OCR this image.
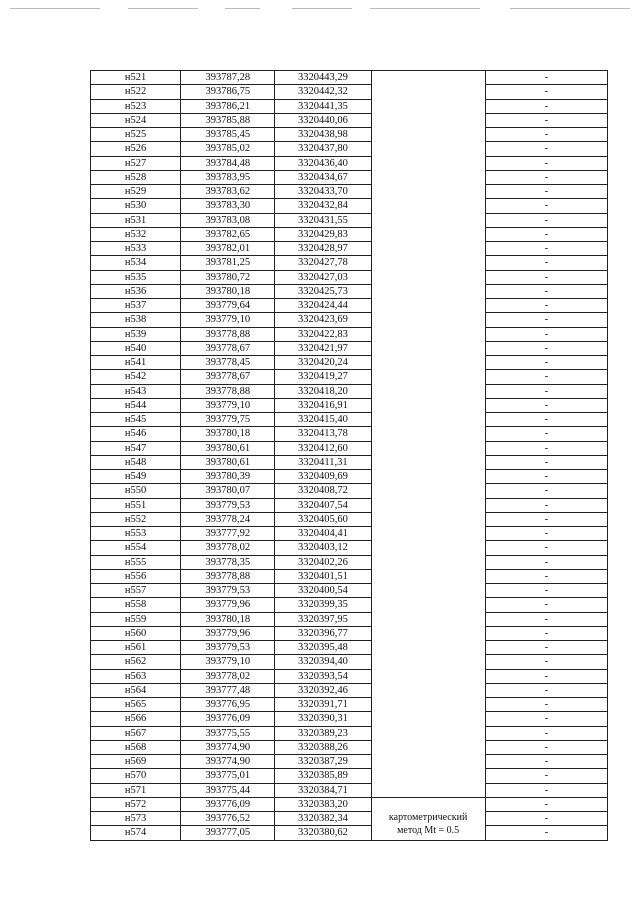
н521	393787,28	3320443,29		-
н522	393786,75	3320442,32		-
н523	393786,21	3320441,35		-
н524	393785,88	3320440,06		-
н525	393785,45	3320438,98		-
н526	393785,02	3320437,80		-
н527	393784,48	3320436,40		-
н528	393783,95	3320434,67		-
н529	393783,62	3320433,70		-
н530	393783,30	3320432,84		-
н531	393783,08	3320431,55		-
н532	393782,65	3320429,83		-
н533	393782,01	3320428,97		-
н534	393781,25	3320427,78		-
н535	393780,72	3320427,03		-
н536	393780,18	3320425,73		-
н537	393779,64	3320424,44		-
н538	393779,10	3320423,69		-
н539	393778,88	3320422,83		-
н540	393778,67	3320421,97		-
н541	393778,45	3320420,24		-
н542	393778,67	3320419,27		-
н543	393778,88	3320418,20		-
н544	393779,10	3320416,91		-
н545	393779,75	3320415,40		-
н546	393780,18	3320413,78		-
н547	393780,61	3320412,60		-
н548	393780,61	3320411,31		-
н549	393780,39	3320409,69		-
н550	393780,07	3320408,72		-
н551	393779,53	3320407,54		-
н552	393778,24	3320405,60		-
н553	393777,92	3320404,41		-
н554	393778,02	3320403,12		-
н555	393778,35	3320402,26		-
н556	393778,88	3320401,51		-
н557	393779,53	3320400,54		-
н558	393779,96	3320399,35		-
н559	393780,18	3320397,95		-
н560	393779,96	3320396,77		-
н561	393779,53	3320395,48		-
н562	393779,10	3320394,40		-
н563	393778,02	3320393,54		-
н564	393777,48	3320392,46		-
н565	393776,95	3320391,71		-
н566	393776,09	3320390,31		-
н567	393775,55	3320389,23		-
н568	393774,90	3320388,26		-
н569	393774,90	3320387,29		-
н570	393775,01	3320385,89		-
н571	393775,44	3320384,71		-
н572	393776,09	3320383,20	картометрический
метод Mt = 0.5	-
н573	393776,52	3320382,34		-
н574	393777,05	3320380,62		-
